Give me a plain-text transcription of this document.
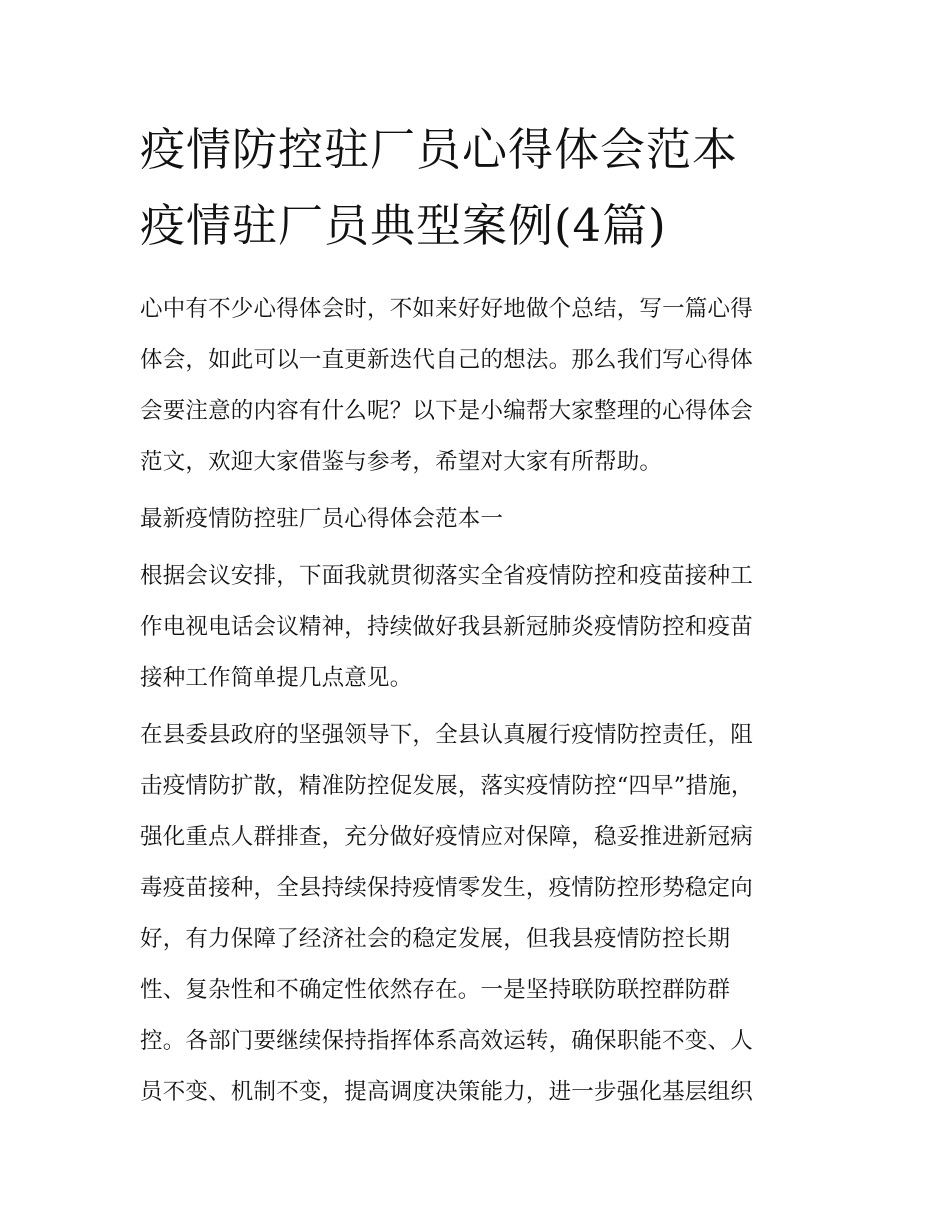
疫情防控驻厂员心得体会范本
疫情驻厂员典型案例(4篇)

心中有不少心得体会时，不如来好好地做个总结，写一篇心得
体会，如此可以一直更新迭代自己的想法。那么我们写心得体
会要注意的内容有什么呢？以下是小编帮大家整理的心得体会
范文，欢迎大家借鉴与参考，希望对大家有所帮助。

最新疫情防控驻厂员心得体会范本一

根据会议安排，下面我就贯彻落实全省疫情防控和疫苗接种工
作电视电话会议精神，持续做好我县新冠肺炎疫情防控和疫苗
接种工作简单提几点意见。

在县委县政府的坚强领导下，全县认真履行疫情防控责任，阻
击疫情防扩散，精准防控促发展，落实疫情防控“四早”措施，
强化重点人群排查，充分做好疫情应对保障，稳妥推进新冠病
毒疫苗接种，全县持续保持疫情零发生，疫情防控形势稳定向
好，有力保障了经济社会的稳定发展，但我县疫情防控长期
性、复杂性和不确定性依然存在。一是坚持联防联控群防群
控。各部门要继续保持指挥体系高效运转，确保职能不变、人
员不变、机制不变，提高调度决策能力，进一步强化基层组织
